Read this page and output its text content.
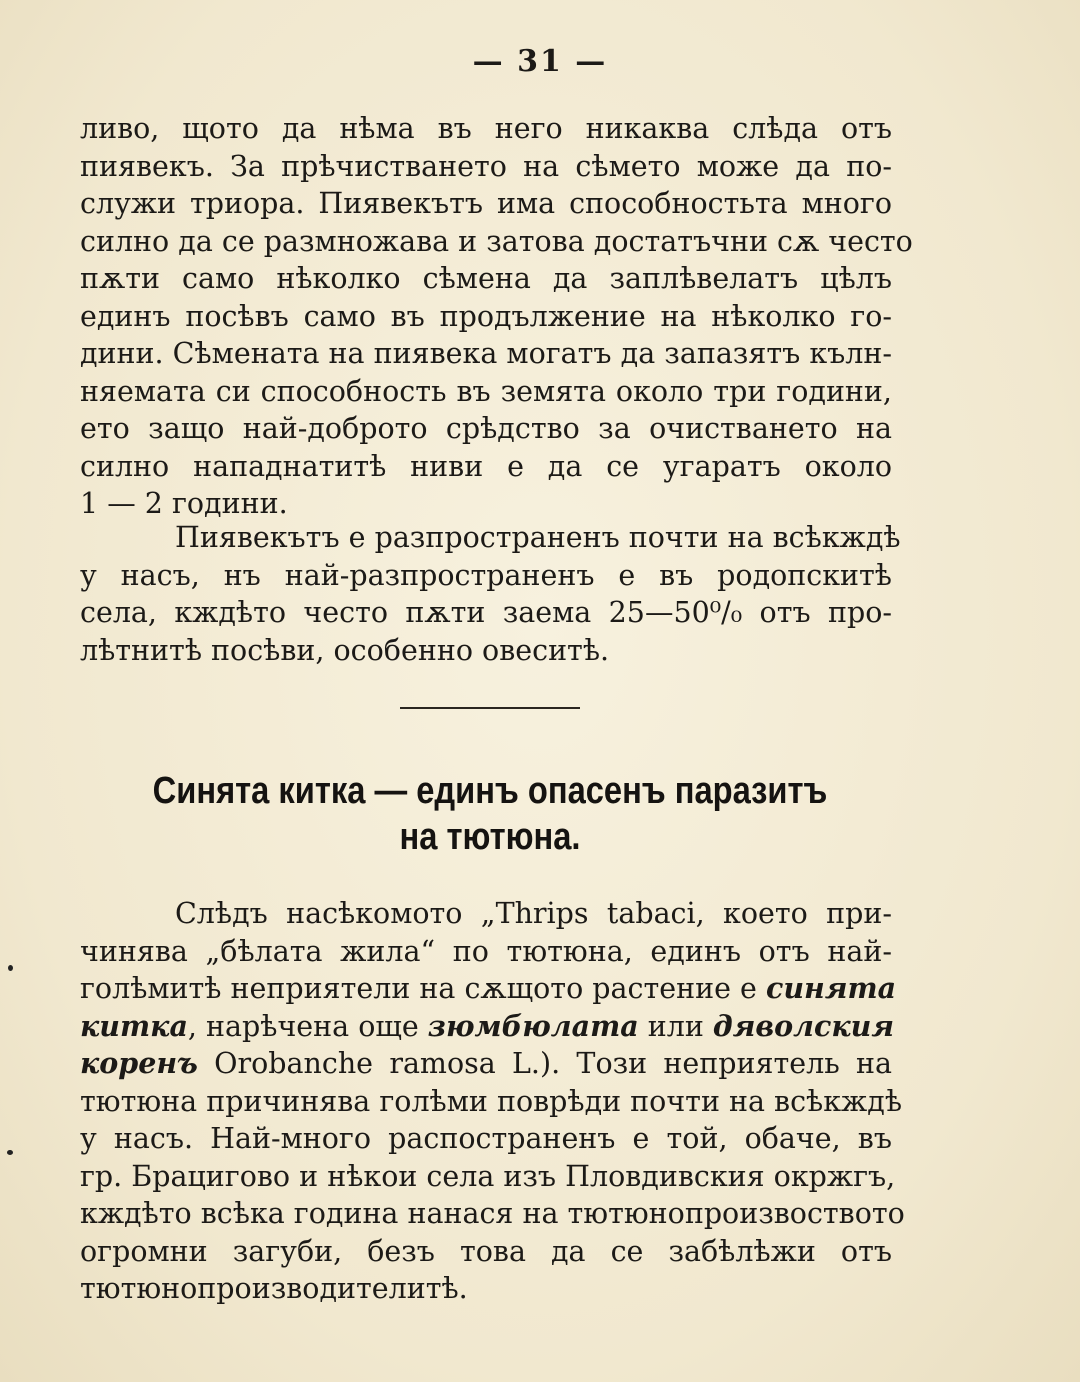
— 31 —
ливо, щото да нѣма въ него никаква слѣда отъ
пиявекъ. За прѣчистването на сѣмето може да по-
служи триора. Пиявекътъ има способностьта много
силно да се размножава и затова достатъчни сѫ често
пѫти само нѣколко сѣмена да заплѣвелатъ цѣлъ
единъ посѣвъ само въ продължение на нѣколко го-
дини. Сѣмената на пиявека могатъ да запазятъ кълн-
няемата си способность въ земята около три години,
ето защо най-доброто срѣдство за очистването на
силно нападнатитѣ ниви е да се угаратъ около
1 — 2 години.
Пиявекътъ е разпространенъ почти на всѣкждѣ
у насъ, нъ най-разпространенъ е въ родопскитѣ
села, кждѣто често пѫти заема 25—50⁰/₀ отъ про-
лѣтнитѣ посѣви, особенно овеситѣ.
Синята китка — единъ опасенъ паразитъ
на тютюна.
Слѣдъ насѣкомото „Thrips tabaci, което при-
чинява „бѣлата жила“ по тютюна, единъ отъ най-
голѣмитѣ неприятели на сѫщото растение е синята
китка, нарѣчена още зюмбюлата или дяволския
коренъ Orobanche ramosa L.). Този неприятель на
тютюна причинява голѣми поврѣди почти на всѣкждѣ
у насъ. Най-много распостраненъ е той, обаче, въ
гр. Брацигово и нѣкои села изъ Пловдивския окржгъ,
кждѣто всѣка година нанася на тютюнопроизвоството
огромни загуби, безъ това да се забѣлѣжи отъ
тютюнопроизводителитѣ.
